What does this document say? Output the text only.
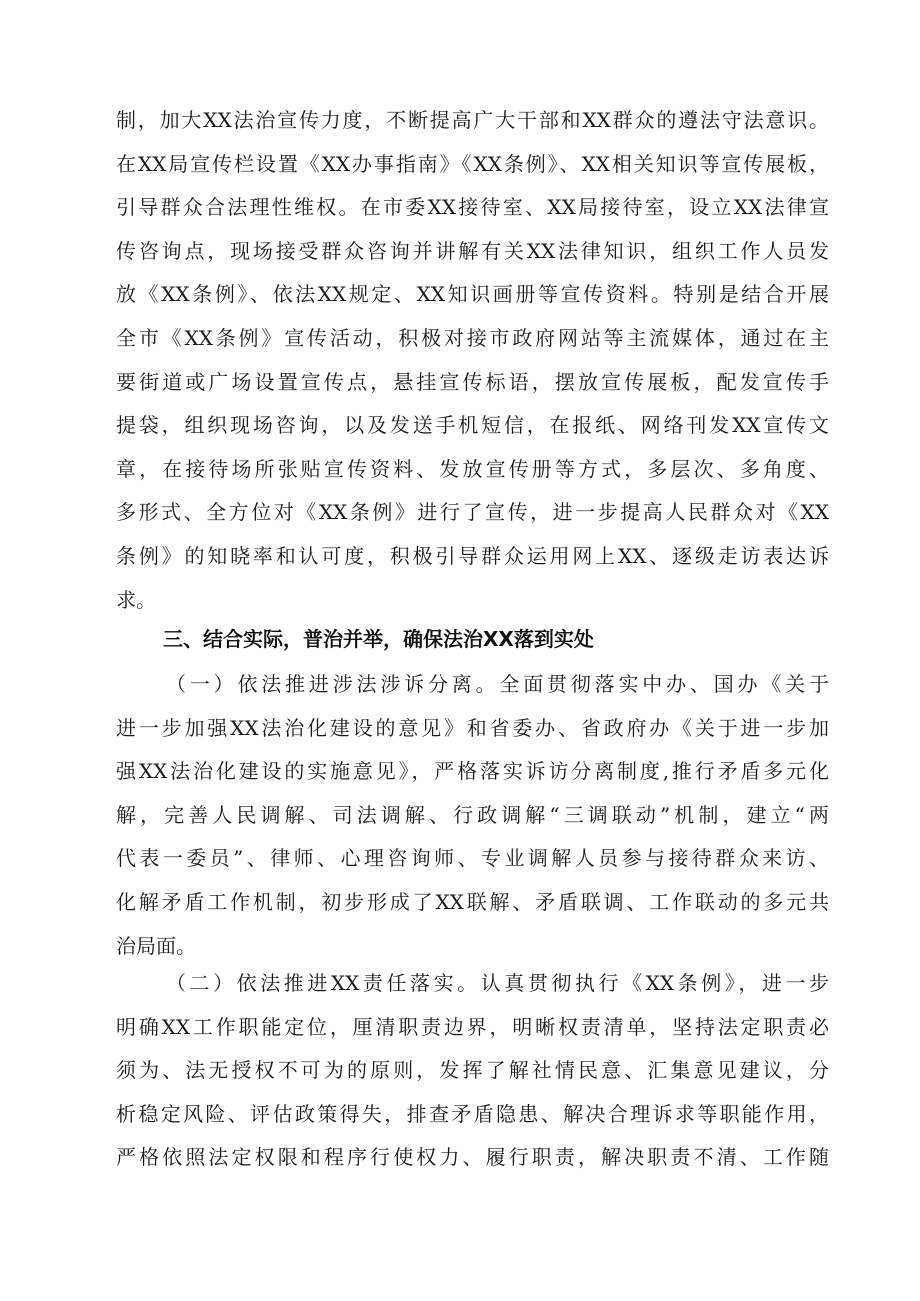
制，加大XX法治宣传力度，不断提高广大干部和XX群众的遵法守法意识。
在XX局宣传栏设置《XX办事指南》《XX条例》、XX相关知识等宣传展板，
引导群众合法理性维权。在市委XX接待室、XX局接待室，设立XX法律宣
传咨询点，现场接受群众咨询并讲解有关XX法律知识，组织工作人员发
放《XX条例》、依法XX规定、XX知识画册等宣传资料。特别是结合开展
全市《XX条例》宣传活动，积极对接市政府网站等主流媒体，通过在主
要街道或广场设置宣传点，悬挂宣传标语，摆放宣传展板，配发宣传手
提袋，组织现场咨询，以及发送手机短信，在报纸、网络刊发XX宣传文
章，在接待场所张贴宣传资料、发放宣传册等方式，多层次、多角度、
多形式、全方位对《XX条例》进行了宣传，进一步提高人民群众对《XX
条例》的知晓率和认可度，积极引导群众运用网上XX、逐级走访表达诉
求。
三、结合实际，普治并举，确保法治XX落到实处
（一）依法推进涉法涉诉分离。全面贯彻落实中办、国办《关于
进一步加强XX法治化建设的意见》和省委办、省政府办《关于进一步加
强XX法治化建设的实施意见》，严格落实诉访分离制度,推行矛盾多元化
解，完善人民调解、司法调解、行政调解“三调联动”机制，建立“两
代表一委员”、律师、心理咨询师、专业调解人员参与接待群众来访、
化解矛盾工作机制，初步形成了XX联解、矛盾联调、工作联动的多元共
治局面。
（二）依法推进XX责任落实。认真贯彻执行《XX条例》，进一步
明确XX工作职能定位，厘清职责边界，明晰权责清单，坚持法定职责必
须为、法无授权不可为的原则，发挥了解社情民意、汇集意见建议，分
析稳定风险、评估政策得失，排查矛盾隐患、解决合理诉求等职能作用，
严格依照法定权限和程序行使权力、履行职责，解决职责不清、工作随
